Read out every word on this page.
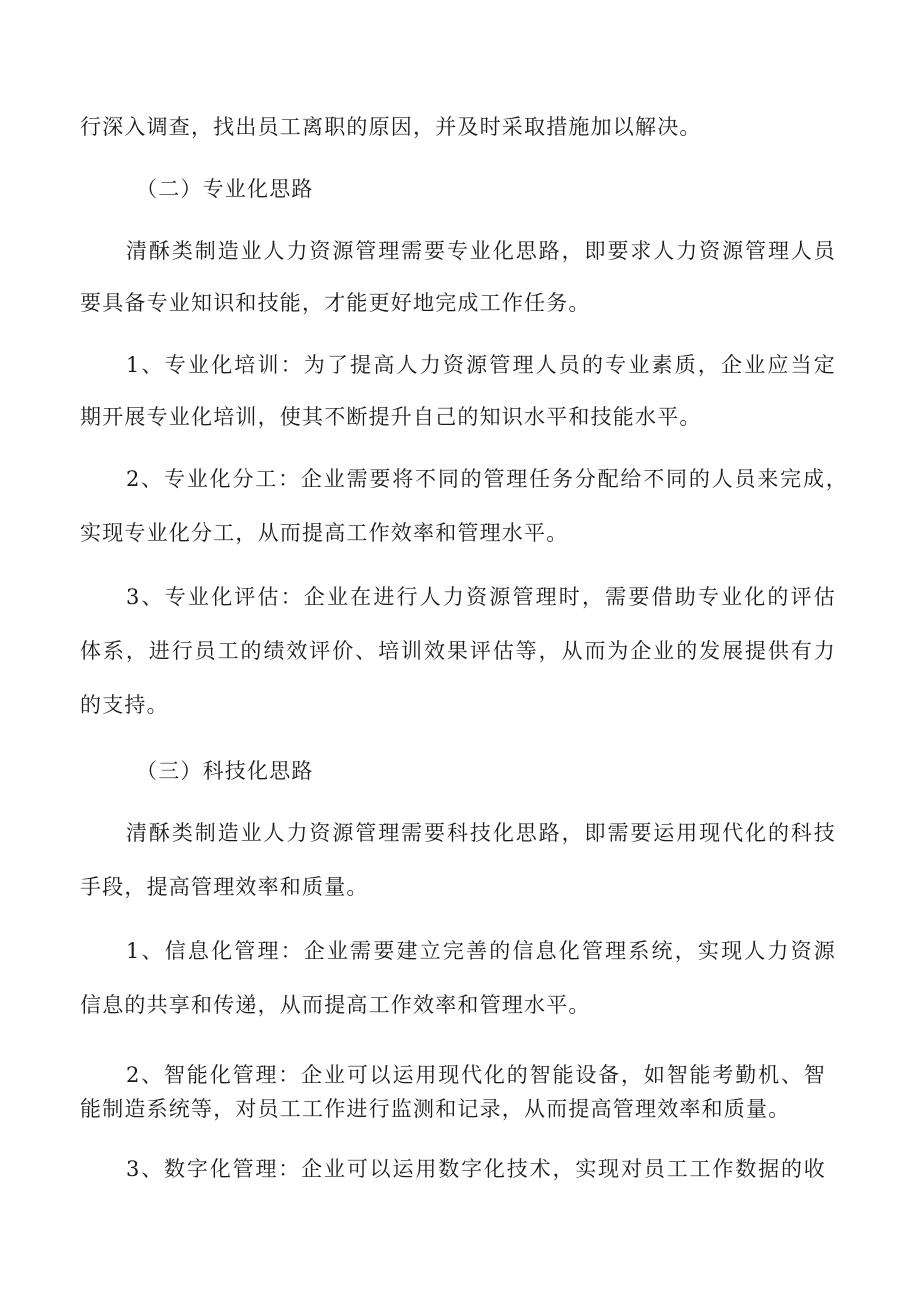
行深入调查，找出员工离职的原因，并及时采取措施加以解决。
（二）专业化思路
清酥类制造业人力资源管理需要专业化思路，即要求人力资源管理人员
要具备专业知识和技能，才能更好地完成工作任务。
1、专业化培训：为了提高人力资源管理人员的专业素质，企业应当定
期开展专业化培训，使其不断提升自己的知识水平和技能水平。
2、专业化分工：企业需要将不同的管理任务分配给不同的人员来完成，
实现专业化分工，从而提高工作效率和管理水平。
3、专业化评估：企业在进行人力资源管理时，需要借助专业化的评估
体系，进行员工的绩效评价、培训效果评估等，从而为企业的发展提供有力
的支持。
（三）科技化思路
清酥类制造业人力资源管理需要科技化思路，即需要运用现代化的科技
手段，提高管理效率和质量。
1、信息化管理：企业需要建立完善的信息化管理系统，实现人力资源
信息的共享和传递，从而提高工作效率和管理水平。
2、智能化管理：企业可以运用现代化的智能设备，如智能考勤机、智
能制造系统等，对员工工作进行监测和记录，从而提高管理效率和质量。
3、数字化管理：企业可以运用数字化技术，实现对员工工作数据的收
